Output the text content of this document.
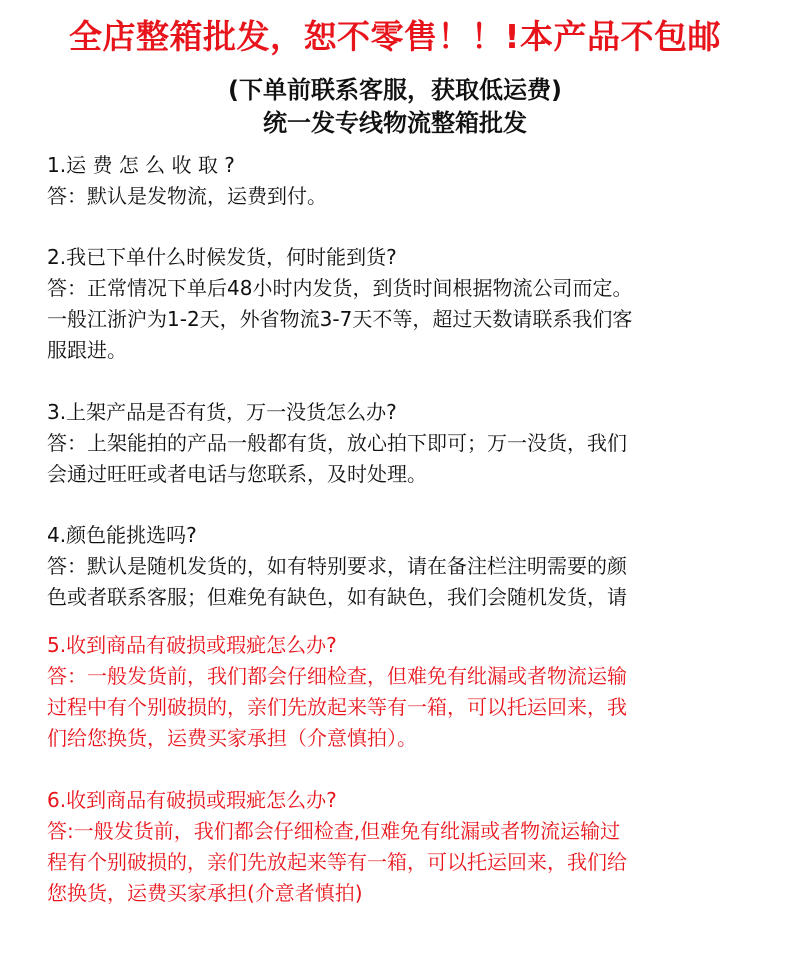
全店整箱批发，恕不零售！！!本产品不包邮
(下单前联系客服，获取低运费)
统一发专线物流整箱批发
1.运 费 怎 么 收 取 ?
答：默认是发物流，运费到付。
2.我已下单什么时候发货，何时能到货?
答：正常情况下单后48小时内发货，到货时间根据物流公司而定。
一般江浙沪为1-2天，外省物流3-7天不等，超过天数请联系我们客
服跟进。
3.上架产品是否有货，万一没货怎么办?
答：上架能拍的产品一般都有货，放心拍下即可；万一没货，我们
会通过旺旺或者电话与您联系，及时处理。
4.颜色能挑选吗?
答：默认是随机发货的，如有特别要求，请在备注栏注明需要的颜
色或者联系客服；但难免有缺色，如有缺色，我们会随机发货，请
5.收到商品有破损或瑕疵怎么办?
答：一般发货前，我们都会仔细检查，但难免有纰漏或者物流运输
过程中有个别破损的，亲们先放起来等有一箱，可以托运回来，我
们给您换货，运费买家承担（介意慎拍）。
6.收到商品有破损或瑕疵怎么办?
答:一般发货前，我们都会仔细检查,但难免有纰漏或者物流运输过
程有个别破损的，亲们先放起来等有一箱，可以托运回来，我们给
您换货，运费买家承担(介意者慎拍)
